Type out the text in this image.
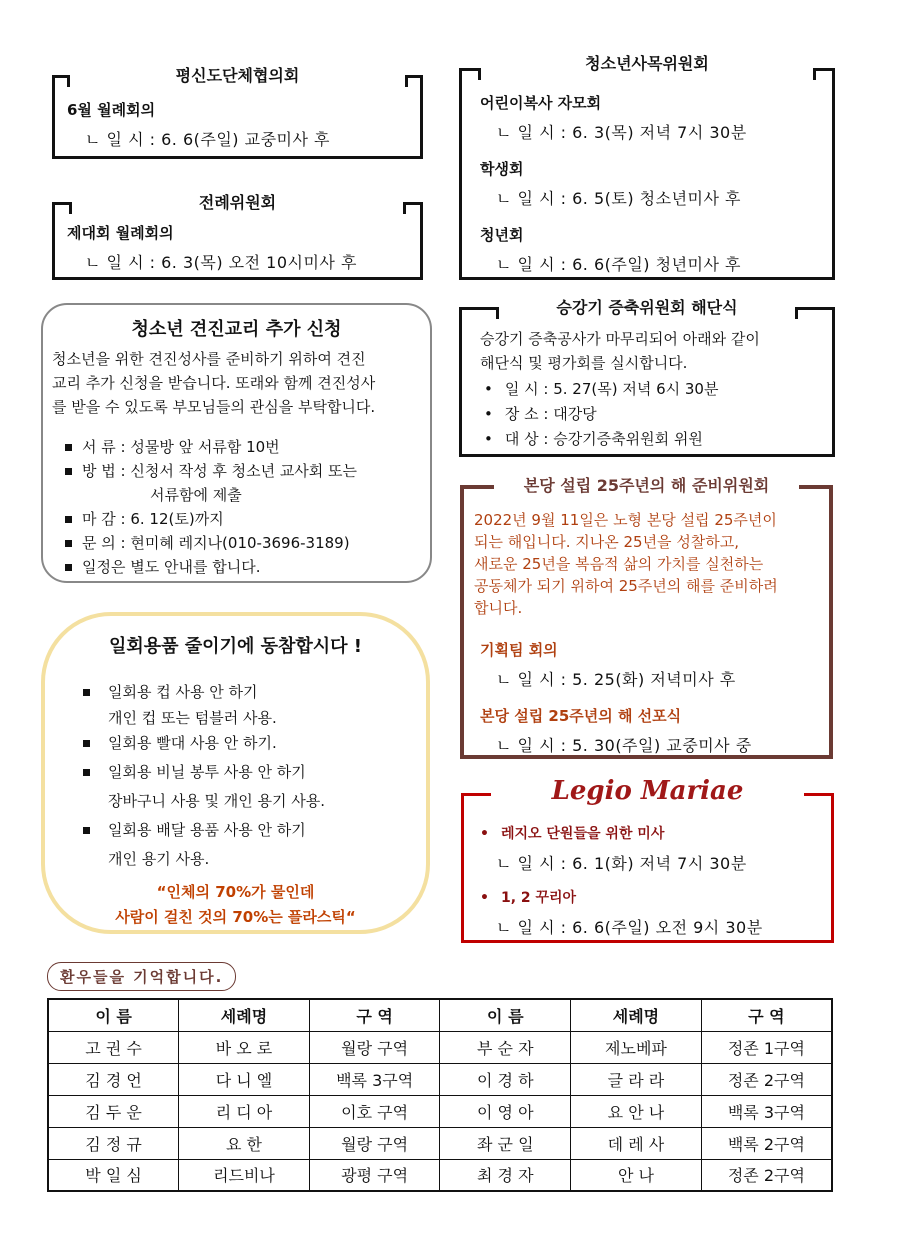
평신도단체협의회
6월 월례회의
ㄴ 일 시 : 6. 6(주일) 교중미사 후
전례위원회
제대회 월례회의
ㄴ 일 시 : 6. 3(목) 오전 10시미사 후
청소년사목위원회
어린이복사 자모회
ㄴ 일 시 : 6. 3(목) 저녁 7시 30분
학생회
ㄴ 일 시 : 6. 5(토) 청소년미사 후
청년회
ㄴ 일 시 : 6. 6(주일) 청년미사 후
청소년 견진교리 추가 신청
청소년을 위한 견진성사를 준비하기 위하여 견진
교리 추가 신청을 받습니다. 또래와 함께 견진성사
를 받을 수 있도록 부모님들의 관심을 부탁합니다.
서 류 : 성물방 앞 서류함 10번
방 법 : 신청서 작성 후 청소년 교사회 또는
서류함에 제출
마 감 : 6. 12(토)까지
문 의 : 현미혜 레지나(010-3696-3189)
일정은 별도 안내를 합니다.
일회용품 줄이기에 동참합시다 !
일회용 컵 사용 안 하기
개인 컵 또는 텀블러 사용.
일회용 빨대 사용 안 하기.
일회용 비닐 봉투 사용 안 하기
장바구니 사용 및 개인 용기 사용.
일회용 배달 용품 사용 안 하기
개인 용기 사용.
“인체의 70%가 물인데
사람이 걸친 것의 70%는 플라스틱“
승강기 증축위원회 해단식
승강기 증축공사가 마무리되어 아래와 같이
해단식 및 평가회를 실시합니다.
• 일 시 : 5. 27(목) 저녁 6시 30분
• 장 소 : 대강당
• 대 상 : 승강기증축위원회 위원
본당 설립 25주년의 해 준비위원회
2022년 9월 11일은 노형 본당 설립 25주년이
되는 해입니다. 지나온 25년을 성찰하고,
새로운 25년을 복음적 삶의 가치를 실천하는
공동체가 되기 위하여 25주년의 해를 준비하려
합니다.
기획팀 회의
ㄴ 일 시 : 5. 25(화) 저녁미사 후
본당 설립 25주년의 해 선포식
ㄴ 일 시 : 5. 30(주일) 교중미사 중
Legio Mariae
• 레지오 단원들을 위한 미사
ㄴ 일 시 : 6. 1(화) 저녁 7시 30분
• 1, 2 꾸리아
ㄴ 일 시 : 6. 6(주일) 오전 9시 30분
환우들을 기억합니다.
이 름	세례명	구 역	이 름	세례명	구 역
고 권 수	바 오 로	월랑 구역	부 순 자	제노베파	정존 1구역
김 경 언	다 니 엘	백록 3구역	이 경 하	글 라 라	정존 2구역
김 두 운	리 디 아	이호 구역	이 영 아	요 안 나	백록 3구역
김 정 규	요 한	월랑 구역	좌 군 일	데 레 사	백록 2구역
박 일 심	리드비나	광평 구역	최 경 자	안 나	정존 2구역
